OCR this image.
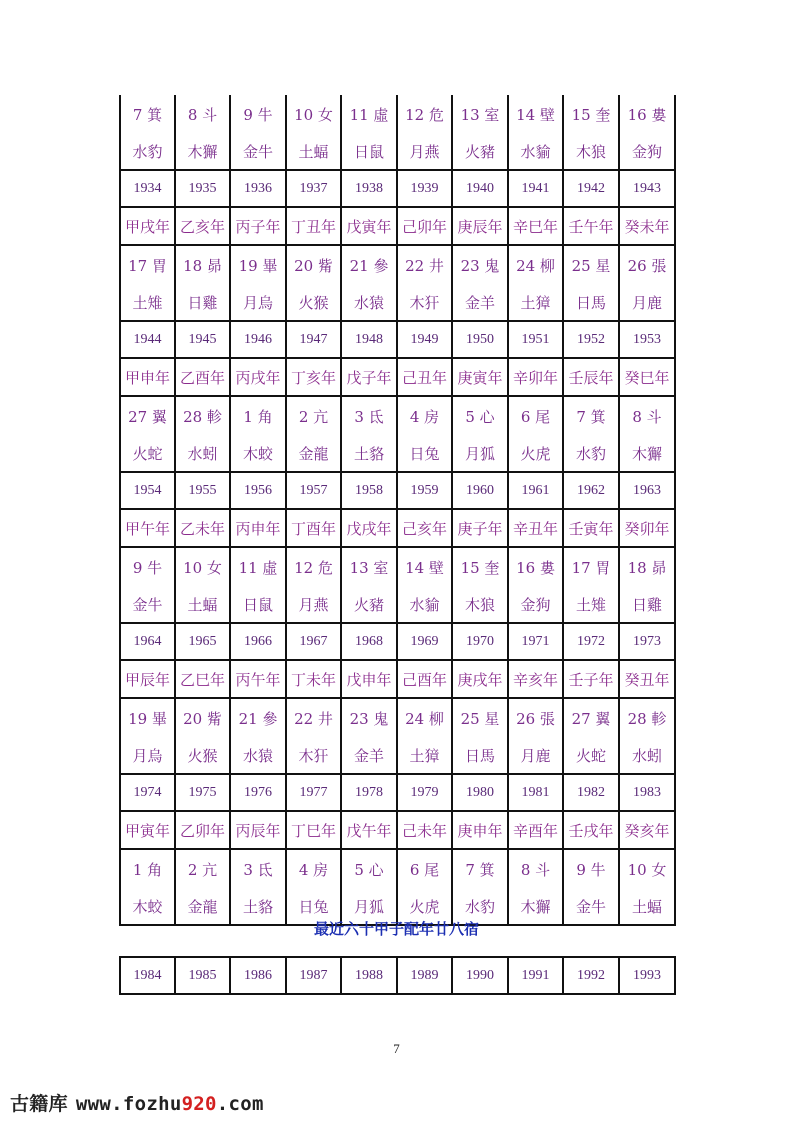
7 箕	8 斗	9 牛	10 女	11 虛	12 危	13 室	14 壁	15 奎	16 婁
水豹	木獬	金牛	土蝠	日鼠	月燕	火豬	水貐	木狼	金狗
1934	1935	1936	1937	1938	1939	1940	1941	1942	1943
甲戌年	乙亥年	丙子年	丁丑年	戊寅年	己卯年	庚辰年	辛巳年	壬午年	癸未年
17 胃	18 昴	19 畢	20 觜	21 參	22 井	23 鬼	24 柳	25 星	26 張
土雉	日雞	月烏	火猴	水猿	木犴	金羊	土獐	日馬	月鹿
1944	1945	1946	1947	1948	1949	1950	1951	1952	1953
甲申年	乙酉年	丙戌年	丁亥年	戊子年	己丑年	庚寅年	辛卯年	壬辰年	癸巳年
27 翼	28 軫	1 角	2 亢	3 氐	4 房	5 心	6 尾	7 箕	8 斗
火蛇	水蚓	木蛟	金龍	土貉	日兔	月狐	火虎	水豹	木獬
1954	1955	1956	1957	1958	1959	1960	1961	1962	1963
甲午年	乙未年	丙申年	丁酉年	戊戌年	己亥年	庚子年	辛丑年	壬寅年	癸卯年
9 牛	10 女	11 虛	12 危	13 室	14 壁	15 奎	16 婁	17 胃	18 昴
金牛	土蝠	日鼠	月燕	火豬	水貐	木狼	金狗	土雉	日雞
1964	1965	1966	1967	1968	1969	1970	1971	1972	1973
甲辰年	乙巳年	丙午年	丁未年	戊申年	己酉年	庚戌年	辛亥年	壬子年	癸丑年
19 畢	20 觜	21 參	22 井	23 鬼	24 柳	25 星	26 張	27 翼	28 軫
月烏	火猴	水猿	木犴	金羊	土獐	日馬	月鹿	火蛇	水蚓
1974	1975	1976	1977	1978	1979	1980	1981	1982	1983
甲寅年	乙卯年	丙辰年	丁巳年	戊午年	己未年	庚申年	辛酉年	壬戌年	癸亥年
1 角	2 亢	3 氐	4 房	5 心	6 尾	7 箕	8 斗	9 牛	10 女
木蛟	金龍	土貉	日兔	月狐	火虎	水豹	木獬	金牛	土蝠
最近六十甲子配年廿八宿
1984	1985	1986	1987	1988	1989	1990	1991	1992	1993
7
古籍库 www.fozhu920.com
